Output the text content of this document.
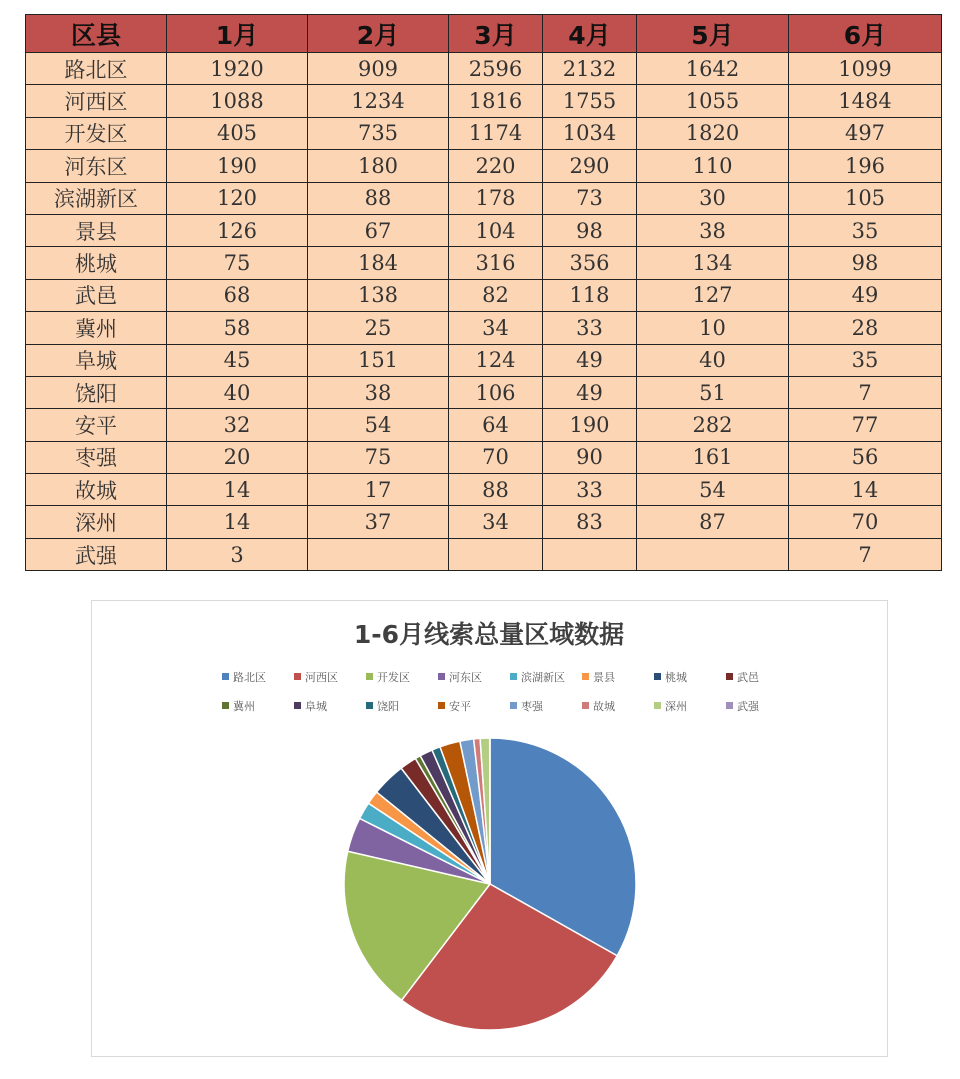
区县	1月	2月	3月	4月	5月	6月
路北区	1920	909	2596	2132	1642	1099
河西区	1088	1234	1816	1755	1055	1484
开发区	405	735	1174	1034	1820	497
河东区	190	180	220	290	110	196
滨湖新区	120	88	178	73	30	105
景县	126	67	104	98	38	35
桃城	75	184	316	356	134	98
武邑	68	138	82	118	127	49
冀州	58	25	34	33	10	28
阜城	45	151	124	49	40	35
饶阳	40	38	106	49	51	7
安平	32	54	64	190	282	77
枣强	20	75	70	90	161	56
故城	14	17	88	33	54	14
深州	14	37	34	83	87	70
武强	3					7
1-6月线索总量区域数据
路北区	河西区	开发区	河东区	滨湖新区	景县	桃城	武邑
冀州	阜城	饶阳	安平	枣强	故城	深州	武强
